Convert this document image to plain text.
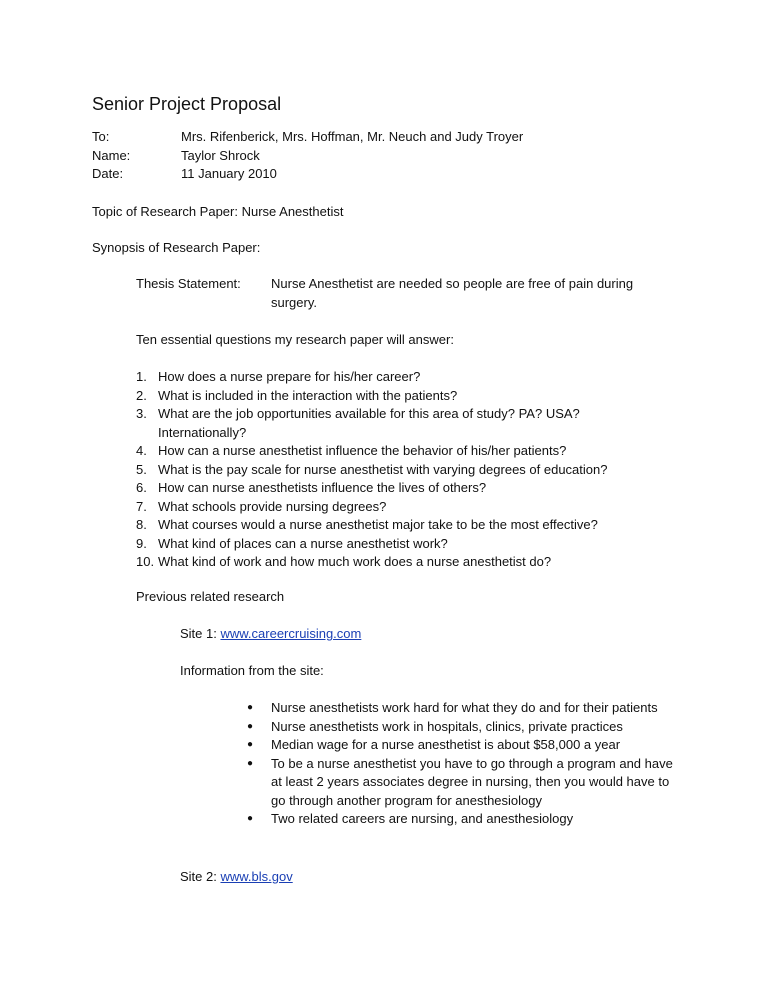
Senior Project Proposal
To:	Mrs. Rifenberick, Mrs. Hoffman, Mr. Neuch and Judy Troyer
Name:	Taylor Shrock
Date:	11 January 2010
Topic of Research Paper: Nurse Anesthetist
Synopsis of Research Paper:
Thesis Statement:	Nurse Anesthetist are needed so people are free of pain during surgery.
Ten essential questions my research paper will answer:
1. How does a nurse prepare for his/her career?
2. What is included in the interaction with the patients?
3. What are the job opportunities available for this area of study? PA? USA? Internationally?
4. How can a nurse anesthetist influence the behavior of his/her patients?
5. What is the pay scale for nurse anesthetist with varying degrees of education?
6. How can nurse anesthetists influence the lives of others?
7. What schools provide nursing degrees?
8. What courses would a nurse anesthetist major take to be the most effective?
9. What kind of places can a nurse anesthetist work?
10. What kind of work and how much work does a nurse anesthetist do?
Previous related research
Site 1: www.careercruising.com
Information from the site:
●	Nurse anesthetists work hard for what they do and for their patients
●	Nurse anesthetists work in hospitals, clinics, private practices
●	Median wage for a nurse anesthetist is about $58,000 a year
●	To be a nurse anesthetist you have to go through a program and have at least 2 years associates degree in nursing, then you would have to go through another program for anesthesiology
●	Two related careers are nursing, and anesthesiology
Site 2: www.bls.gov
